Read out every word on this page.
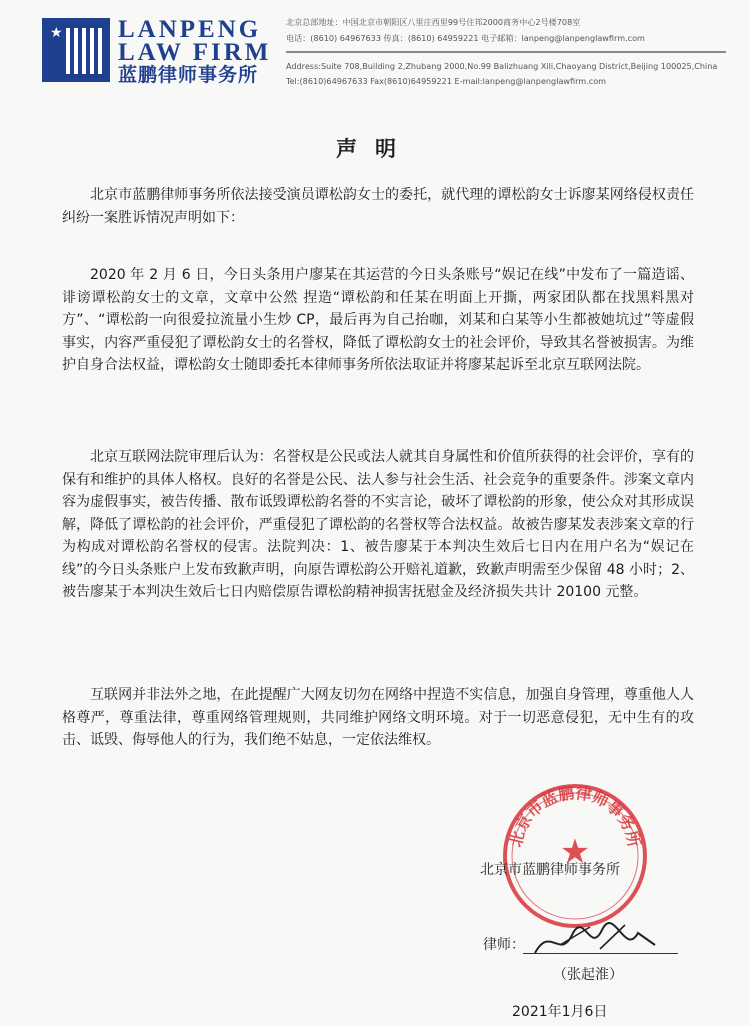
★ LANPENG
LAW FIRM
蓝鹏律师事务所
北京总部地址：中国北京市朝阳区八里庄西里99号住邦2000商务中心2号楼708室
电话：(8610) 64967633 传真：(8610) 64959221 电子邮箱：lanpeng@lanpenglawfirm.com
Address:Suite 708,Building 2,Zhubang 2000,No.99 Balizhuang Xili,Chaoyang District,Beijing 100025,China
Tel:(8610)64967633 Fax(8610)64959221 E-mail:lanpeng@lanpenglawfirm.com
声明
北京市蓝鹏律师事务所依法接受演员谭松韵女士的委托，就代理的谭松韵女士诉廖某网络侵权责任纠纷一案胜诉情况声明如下：
2020 年 2 月 6 日，今日头条用户廖某在其运营的今日头条账号“娱记在线”中发布了一篇造谣、诽谤谭松韵女士的文章，文章中公然 捏造“谭松韵和任某在明面上开撕，两家团队都在找黑料黑对方”、“谭松韵一向很爱拉流量小生炒 CP，最后再为自己抬咖，刘某和白某等小生都被她坑过”等虚假事实，内容严重侵犯了谭松韵女士的名誉权，降低了谭松韵女士的社会评价，导致其名誉被损害。为维护自身合法权益，谭松韵女士随即委托本律师事务所依法取证并将廖某起诉至北京互联网法院。
北京互联网法院审理后认为：名誉权是公民或法人就其自身属性和价值所获得的社会评价，享有的保有和维护的具体人格权。良好的名誉是公民、法人参与社会生活、社会竞争的重要条件。涉案文章内容为虚假事实，被告传播、散布诋毁谭松韵名誉的不实言论，破坏了谭松韵的形象，使公众对其形成误解，降低了谭松韵的社会评价，严重侵犯了谭松韵的名誉权等合法权益。故被告廖某发表涉案文章的行为构成对谭松韵名誉权的侵害。法院判决：1、被告廖某于本判决生效后七日内在用户名为“娱记在线”的今日头条账户上发布致歉声明，向原告谭松韵公开赔礼道歉，致歉声明需至少保留 48 小时；2、被告廖某于本判决生效后七日内赔偿原告谭松韵精神损害抚慰金及经济损失共计 20100 元整。
互联网并非法外之地，在此提醒广大网友切勿在网络中捏造不实信息，加强自身管理，尊重他人人格尊严，尊重法律，尊重网络管理规则，共同维护网络文明环境。对于一切恶意侵犯，无中生有的攻击、诋毁、侮辱他人的行为，我们绝不姑息，一定依法维权。
北京市蓝鹏律师事务所
★
北京市蓝鹏律师事务所
律师：
（张起淮）
2021年1月6日
